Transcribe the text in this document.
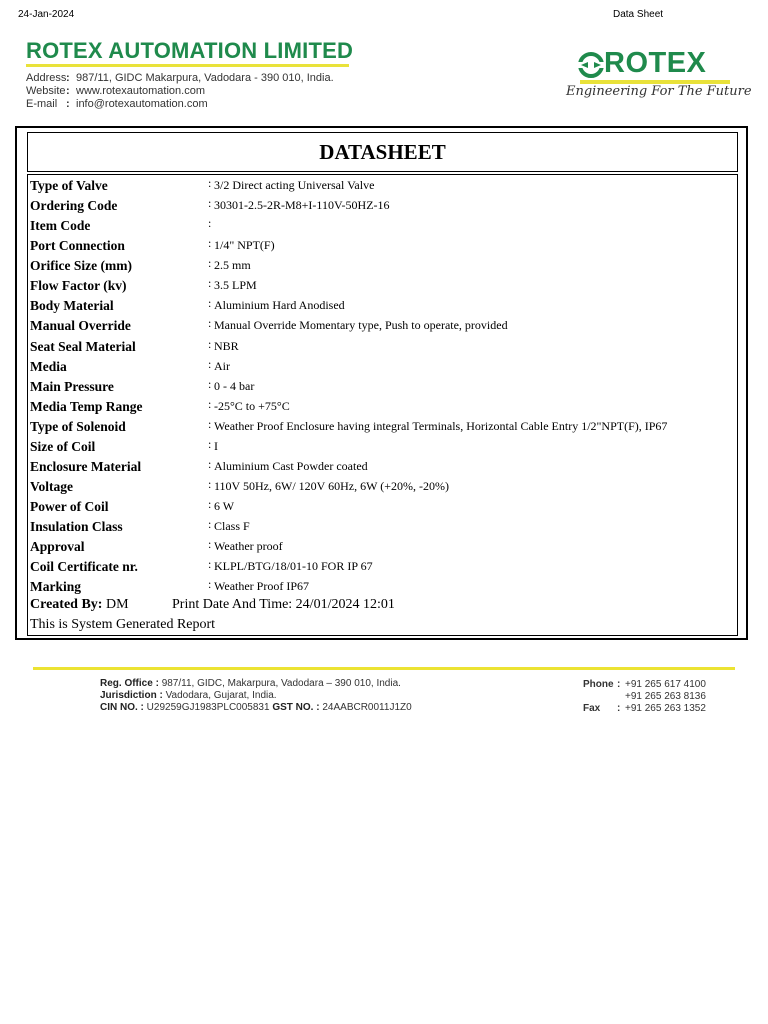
24-Jan-2024	Data Sheet
ROTEX AUTOMATION LIMITED
Address: 987/11, GIDC Makarpura, Vadodara - 390 010, India.
Website: www.rotexautomation.com
E-mail : info@rotexautomation.com
ROTEX
Engineering For The Future
DATASHEET
Type of Valve	: 3/2 Direct acting Universal Valve
Ordering Code	: 30301-2.5-2R-M8+I-110V-50HZ-16
Item Code	:
Port Connection	: 1/4" NPT(F)
Orifice Size (mm)	: 2.5 mm
Flow Factor (kv)	: 3.5 LPM
Body Material	: Aluminium Hard Anodised
Manual Override	: Manual Override Momentary type, Push to operate, provided
Seat Seal Material	: NBR
Media	: Air
Main Pressure	: 0 - 4 bar
Media Temp Range	: -25°C to +75°C
Type of Solenoid	: Weather Proof Enclosure having integral Terminals, Horizontal Cable Entry 1/2"NPT(F), IP67
Size of Coil	: I
Enclosure Material	: Aluminium Cast Powder coated
Voltage	: 110V 50Hz, 6W/ 120V 60Hz, 6W (+20%, -20%)
Power of Coil	: 6 W
Insulation Class	: Class F
Approval	: Weather proof
Coil Certificate nr.	: KLPL/BTG/18/01-10 FOR IP 67
Marking	: Weather Proof IP67
Created By: DM	Print Date And Time: 24/01/2024 12:01
This is System Generated Report
Reg. Office : 987/11, GIDC, Makarpura, Vadodara – 390 010, India.
Jurisdiction : Vadodara, Gujarat, India.
CIN NO. : U29259GJ1983PLC005831 GST NO. : 24AABCR0011J1Z0
Phone : +91 265 617 4100
+91 265 263 8136
Fax : +91 265 263 1352
